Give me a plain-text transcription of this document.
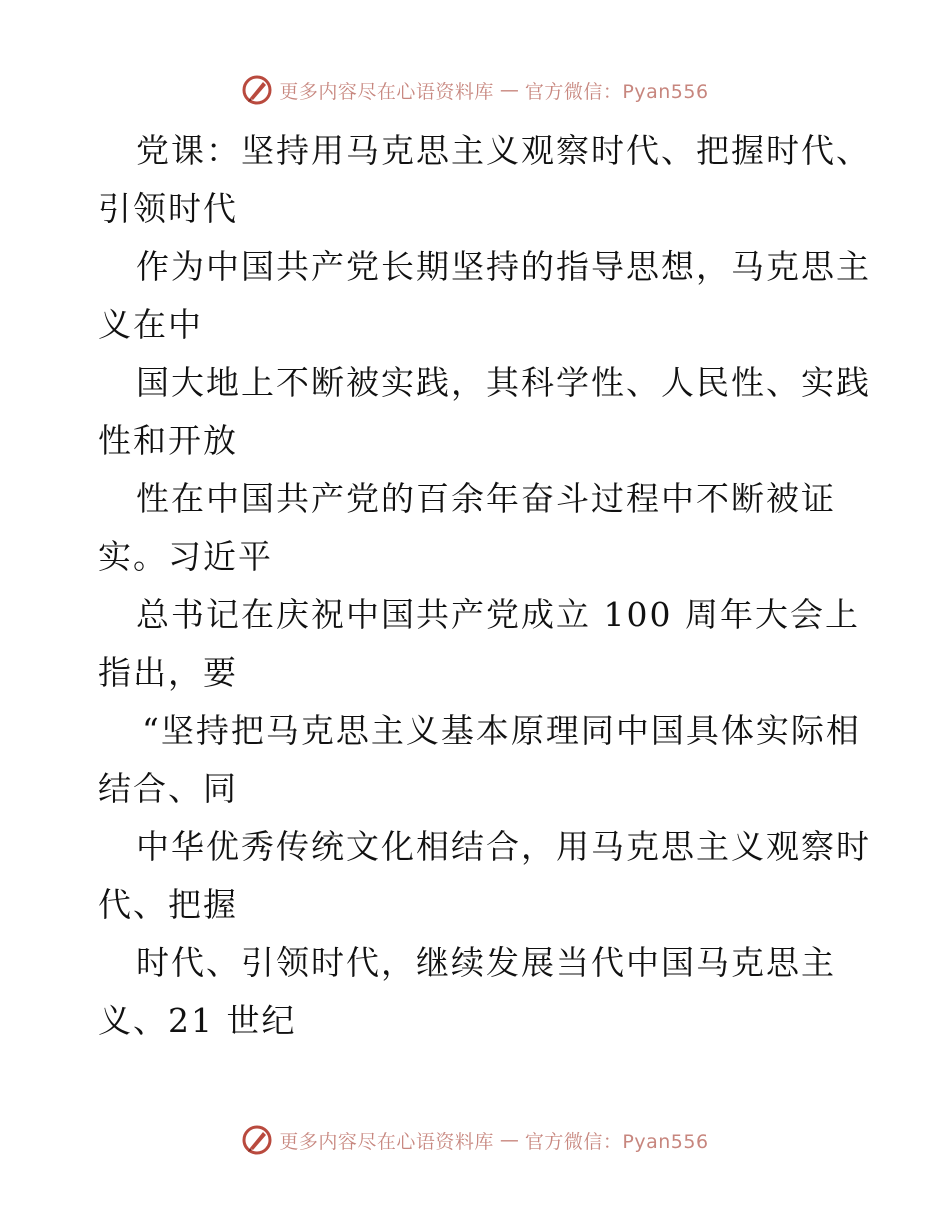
更多内容尽在心语资料库 — 官方微信：Pyan556
党课：坚持用马克思主义观察时代、把握时代、
引领时代
作为中国共产党长期坚持的指导思想，马克思主
义在中
国大地上不断被实践，其科学性、人民性、实践
性和开放
性在中国共产党的百余年奋斗过程中不断被证
实。习近平
总书记在庆祝中国共产党成立 100 周年大会上
指出，要
“坚持把马克思主义基本原理同中国具体实际相
结合、同
中华优秀传统文化相结合，用马克思主义观察时
代、把握
时代、引领时代，继续发展当代中国马克思主
义、21 世纪
更多内容尽在心语资料库 — 官方微信：Pyan556
